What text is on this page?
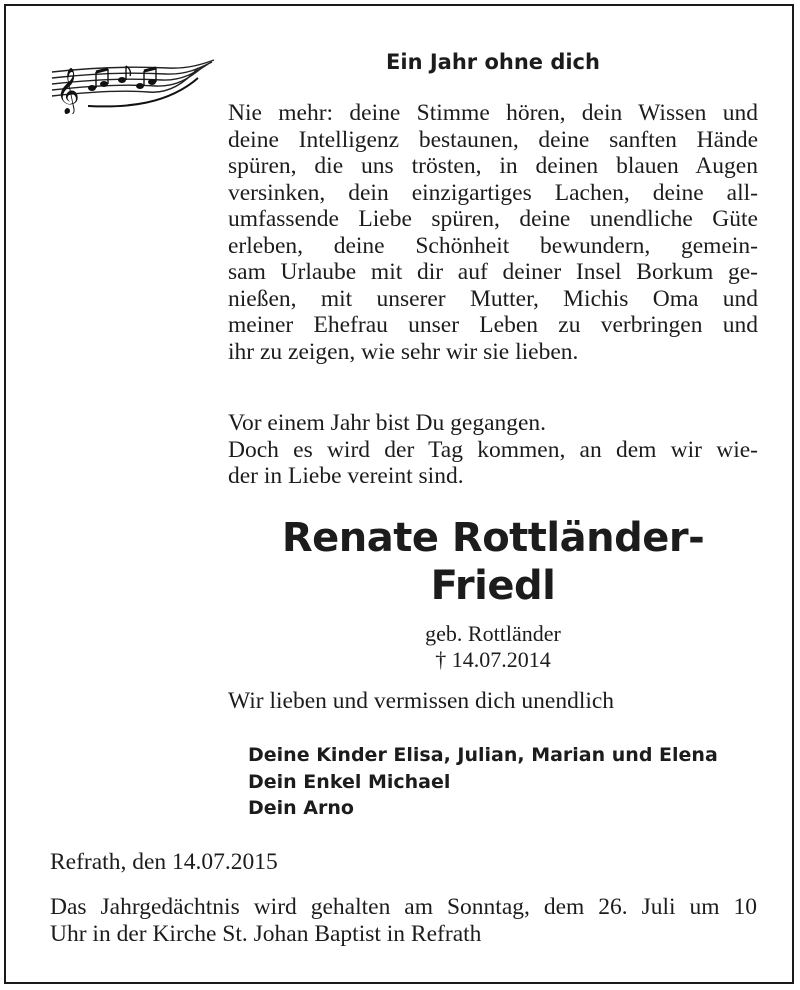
𝄞
Ein Jahr ohne dich
Nie mehr: deine Stimme hören, dein Wissen und
deine Intelligenz bestaunen, deine sanften Hände
spüren, die uns trösten, in deinen blauen Augen
versinken, dein einzigartiges Lachen, deine all-
umfassende Liebe spüren, deine unendliche Güte
erleben, deine Schönheit bewundern, gemein-
sam Urlaube mit dir auf deiner Insel Borkum ge-
nießen, mit unserer Mutter, Michis Oma und
meiner Ehefrau unser Leben zu verbringen und
ihr zu zeigen, wie sehr wir sie lieben.
Vor einem Jahr bist Du gegangen.
Doch es wird der Tag kommen, an dem wir wie-
der in Liebe vereint sind.
Renate Rottländer-
Friedl
geb. Rottländer
† 14.07.2014
Wir lieben und vermissen dich unendlich
Deine Kinder Elisa, Julian, Marian und Elena
Dein Enkel Michael
Dein Arno
Refrath, den 14.07.2015
Das Jahrgedächtnis wird gehalten am Sonntag, dem 26. Juli um 10
Uhr in der Kirche St. Johan Baptist in Refrath
